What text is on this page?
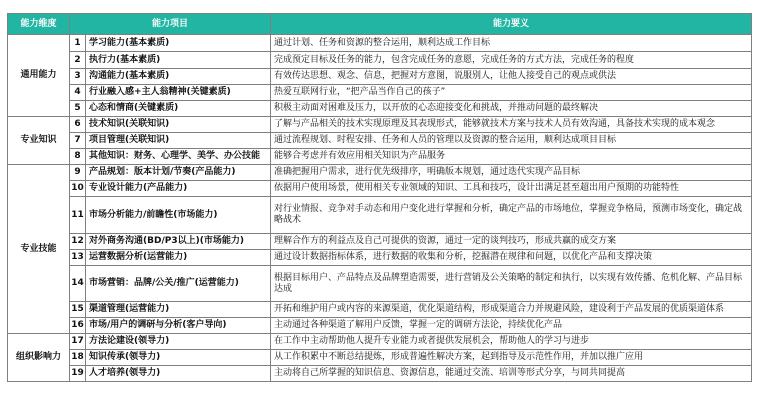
能力维度	能力项目		能力要义
通用能力	1	学习能力(基本素质)	通过计划、任务和资源的整合运用，顺利达成工作目标
	2	执行力(基本素质)	完成预定目标及任务的能力，包含完成任务的意愿，完成任务的方式方法，完成任务的程度
	3	沟通能力(基本素质)	有效传达思想、观念、信息，把握对方意图，说服别人，让他人接受自己的观点或供法
	4	行业融入感+主人翁精神(关键素质)	热爱互联网行业，“把产品当作自己的孩子”
	5	心态和情商(关键素质)	积极主动面对困难及压力，以开放的心态迎接变化和挑战，并推动问题的最终解决
专业知识	6	技术知识(关联知识)	了解与产品相关的技术实现原理及其表现形式，能够就技术方案与技术人员有效沟通，具备技术实现的成本观念
	7	项目管理(关联知识)	通过流程规划、时程安排、任务和人员的管理以及资源的整合运用，顺利达成项目目标
	8	其他知识：财务、心理学、美学、办公技能	能够合考虑并有效应用相关知识为产品服务
专业技能	9	产品规划：版本计划/节奏(产品能力)	准确把握用户需求，进行优先级排序，明确版本规划，通过迭代实现产品目标
	10	专业设计能力(产品能力)	依据用户使用场景，使用相关专业领域的知识、工具和技巧，设计出满足甚至超出用户预期的功能特性
	11	市场分析能力/前瞻性(市场能力)	对行业情报、竞争对手动态和用户变化进行掌握和分析，确定产品的市场地位，掌握竞争格局，预测市场变化，确定战略战术
	12	对外商务沟通(BD/P3以上)(市场能力)	理解合作方的利益点及自己可提供的资源，通过一定的谈判技巧，形成共赢的成交方案
	13	运营数据分析(运营能力)	通过设计数据指标体系，进行数据的收集和分析，挖掘潜在规律和问题，以优化产品和支撑决策
	14	市场营销：品牌/公关/推广(运营能力)	根据目标用户、产品特点及品牌塑造需要，进行营销及公关策略的制定和执行，以实现有效传播、危机化解、产品目标达成
	15	渠道管理(运营能力)	开拓和维护用户或内容的来源渠道，优化渠道结构，形成渠道合力并规避风险，建设利于产品发展的优质渠道体系
	16	市场/用户的调研与分析(客户导向)	主动通过各种渠道了解用户反馈，掌握一定的调研方法论，持续优化产品
组织影响力	17	方法论建设(领导力)	在工作中主动帮助他人提升专业能力或者提供发展机会，帮助他人的学习与进步
	18	知识传承(领导力)	从工作积累中不断总结提炼，形成普遍性解决方案，起到指导及示范性作用，并加以推广应用
	19	人才培养(领导力)	主动将自己所掌握的知识信息、资源信息，能通过交流、培训等形式分享，与同共同提高
